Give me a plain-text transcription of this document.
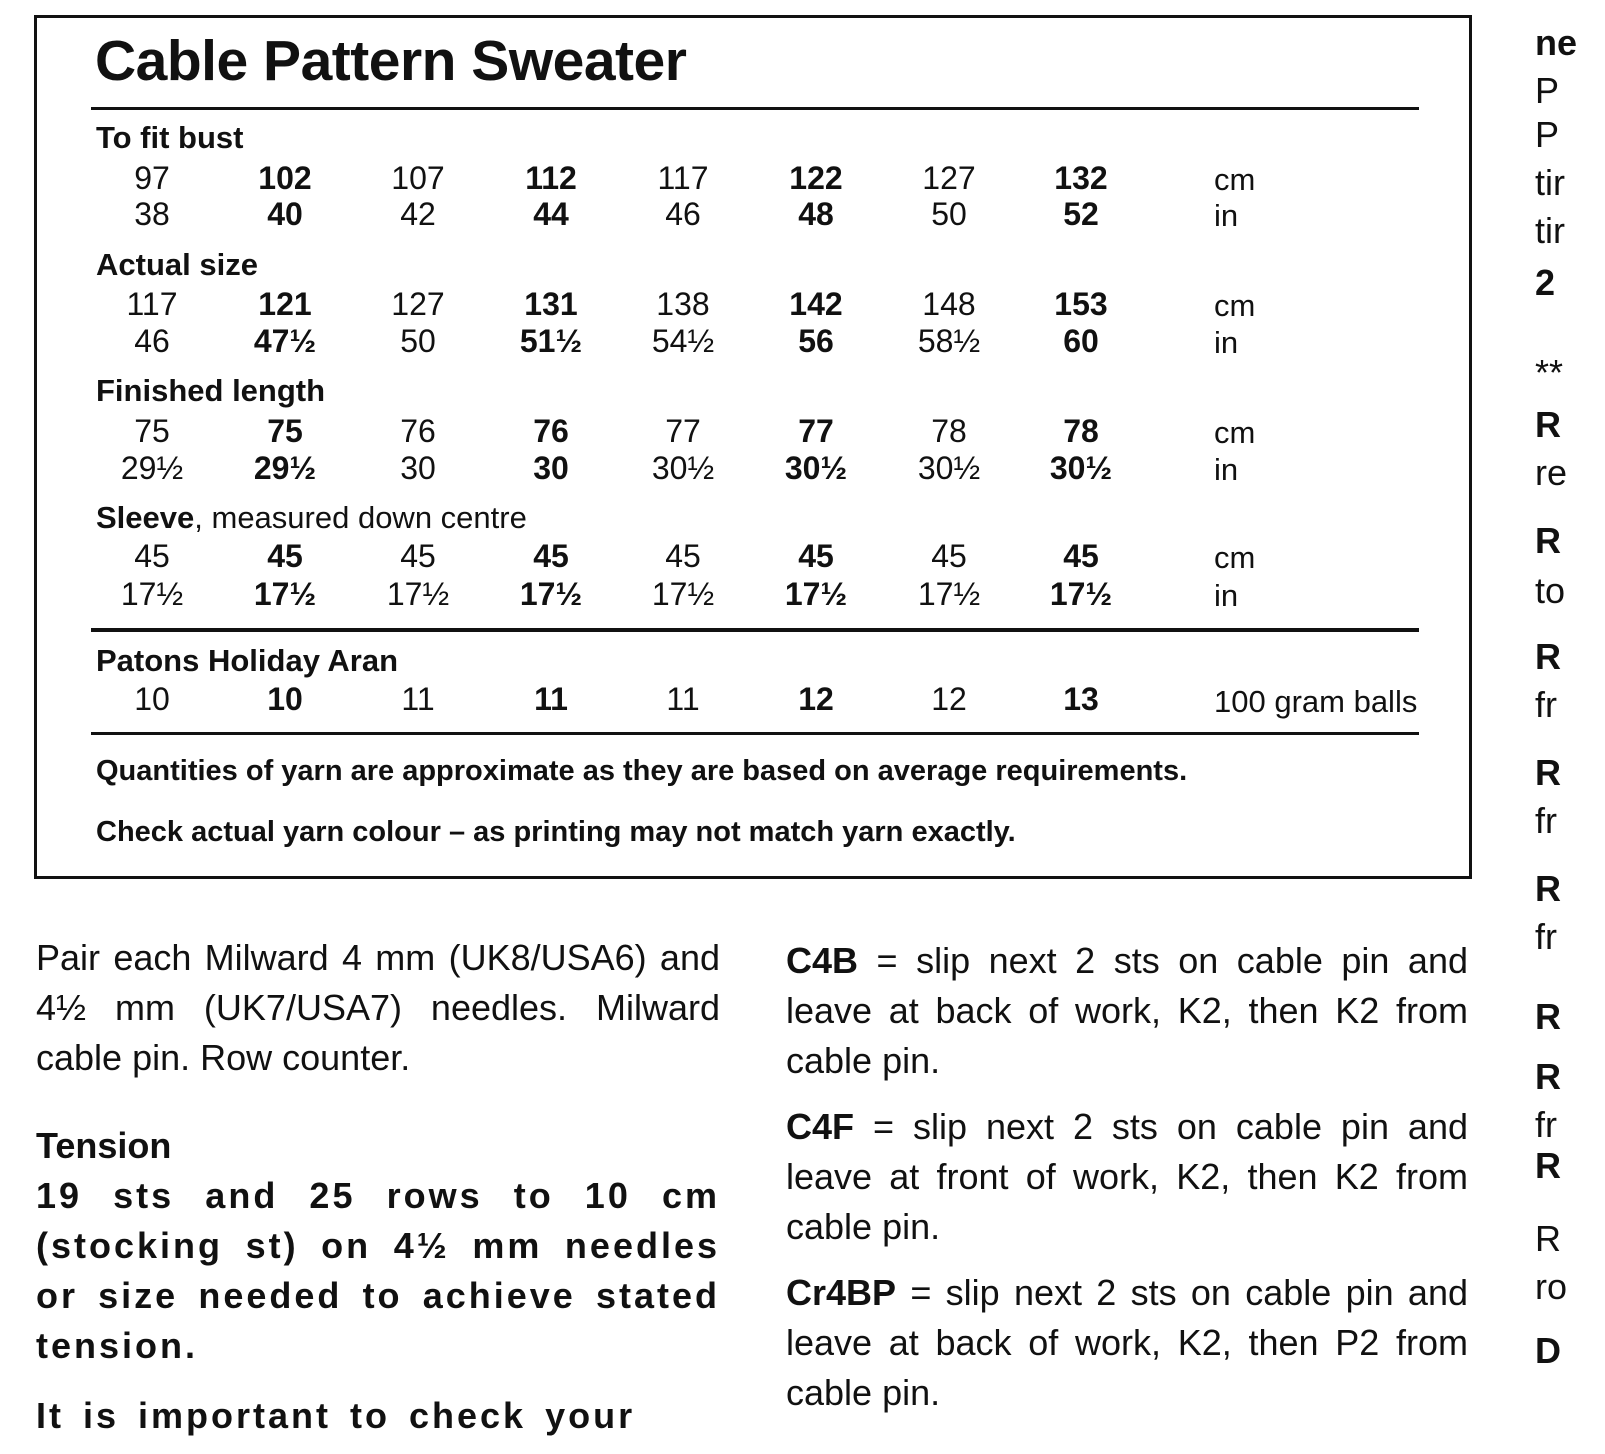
Cable Pattern Sweater
To fit bust
97	102	107	112	117	122	127	132	cm
38	40	42	44	46	48	50	52	in
Actual size
117	121	127	131	138	142	148	153	cm
46	47½	50	51½	54½	56	58½	60	in
Finished length
75	75	76	76	77	77	78	78	cm
29½	29½	30	30	30½	30½	30½	30½	in
Sleeve, measured down centre
45	45	45	45	45	45	45	45	cm
17½	17½	17½	17½	17½	17½	17½	17½	in
Patons Holiday Aran
10	10	11	11	11	12	12	13	100 gram balls
Quantities of yarn are approximate as they are based on average requirements.
Check actual yarn colour – as printing may not match yarn exactly.

Pair each Milward 4 mm (UK8/USA6) and 4½ mm (UK7/USA7) needles. Milward cable pin. Row counter.

Tension

19 sts and 25 rows to 10 cm (stocking st) on 4½ mm needles or size needed to achieve stated tension.

It is important to check your

C4B = slip next 2 sts on cable pin and leave at back of work, K2, then K2 from cable pin.

C4F = slip next 2 sts on cable pin and leave at front of work, K2, then K2 from cable pin.

Cr4BP = slip next 2 sts on cable pin and leave at back of work, K2, then P2 from cable pin.

ne
P
P
tir
tir
2
**
R
re
R
to
R
fr
R
fr
R
fr
R
R
fr
R
R
ro
D
